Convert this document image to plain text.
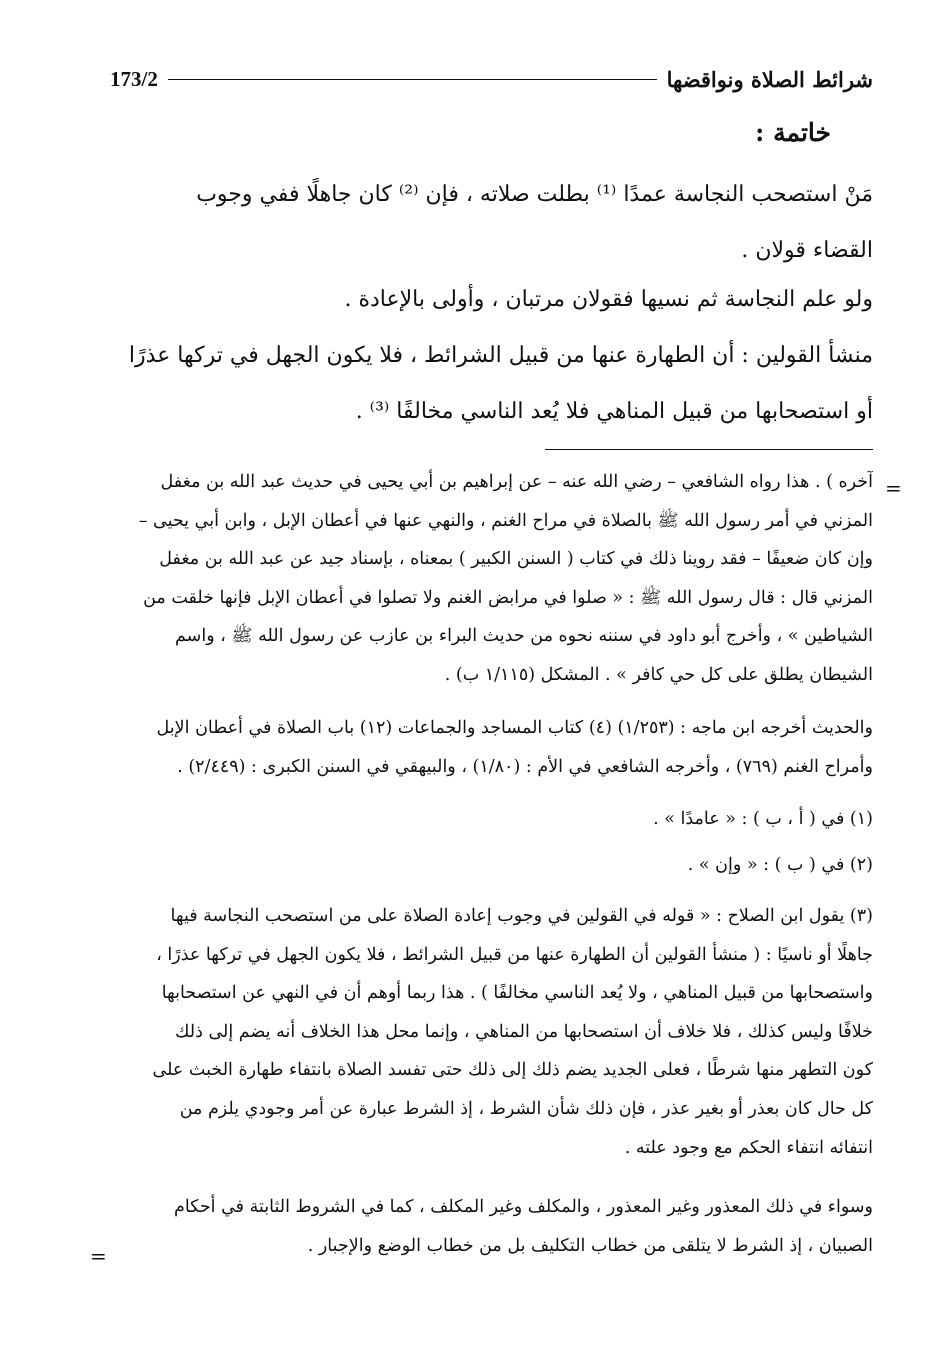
173/2	شرائط الصلاة ونواقضها
خاتمة :
مَنْ استصحب النجاسة عمدًا ⁽¹⁾ بطلت صلاته ، فإن ⁽²⁾ كان جاهلًا ففي وجوب
القضاء قولان .
ولو علم النجاسة ثم نسيها فقولان مرتبان ، وأولى بالإعادة .
منشأ القولين : أن الطهارة عنها من قبيل الشرائط ، فلا يكون الجهل في تركها عذرًا
أو استصحابها من قبيل المناهي فلا يُعد الناسي مخالفًا ⁽³⁾ .
=
آخره ) . هذا رواه الشافعي – رضي الله عنه – عن إبراهيم بن أبي يحيى في حديث عبد الله بن مغفل
المزني في أمر رسول الله ﷺ بالصلاة في مراح الغنم ، والنهي عنها في أعطان الإبل ، وابن أبي يحيى –
وإن كان ضعيفًا – فقد روينا ذلك في كتاب ( السنن الكبير ) بمعناه ، بإسناد جيد عن عبد الله بن مغفل
المزني قال : قال رسول الله ﷺ : « صلوا في مرابض الغنم ولا تصلوا في أعطان الإبل فإنها خلقت من
الشياطين » ، وأخرج أبو داود في سننه نحوه من حديث البراء بن عازب عن رسول الله ﷺ ، واسم
الشيطان يطلق على كل حي كافر » . المشكل (١/١١٥ ب) .
والحديث أخرجه ابن ماجه : (١/٢٥٣) (٤) كتاب المساجد والجماعات (١٢) باب الصلاة في أعطان الإبل
وأمراح الغنم (٧٦٩) ، وأخرجه الشافعي في الأم : (١/٨٠) ، والبيهقي في السنن الكبرى : (٢/٤٤٩) .
(١) في ( أ ، ب ) : « عامدًا » .
(٢) في ( ب ) : « وإن » .
(٣) يقول ابن الصلاح : « قوله في القولين في وجوب إعادة الصلاة على من استصحب النجاسة فيها
جاهلًا أو ناسيًا : ( منشأ القولين أن الطهارة عنها من قبيل الشرائط ، فلا يكون الجهل في تركها عذرًا ،
واستصحابها من قبيل المناهي ، ولا يُعد الناسي مخالفًا ) . هذا ربما أوهم أن في النهي عن استصحابها
خلافًا وليس كذلك ، فلا خلاف أن استصحابها من المناهي ، وإنما محل هذا الخلاف أنه يضم إلى ذلك
كون التطهر منها شرطًا ، فعلى الجديد يضم ذلك إلى ذلك حتى تفسد الصلاة بانتفاء طهارة الخبث على
كل حال كان بعذر أو بغير عذر ، فإن ذلك شأن الشرط ، إذ الشرط عبارة عن أمر وجودي يلزم من
انتفائه انتفاء الحكم مع وجود علته .
وسواء في ذلك المعذور وغير المعذور ، والمكلف وغير المكلف ، كما في الشروط الثابتة في أحكام
الصبيان ، إذ الشرط لا يتلقى من خطاب التكليف بل من خطاب الوضع والإجبار .
=
